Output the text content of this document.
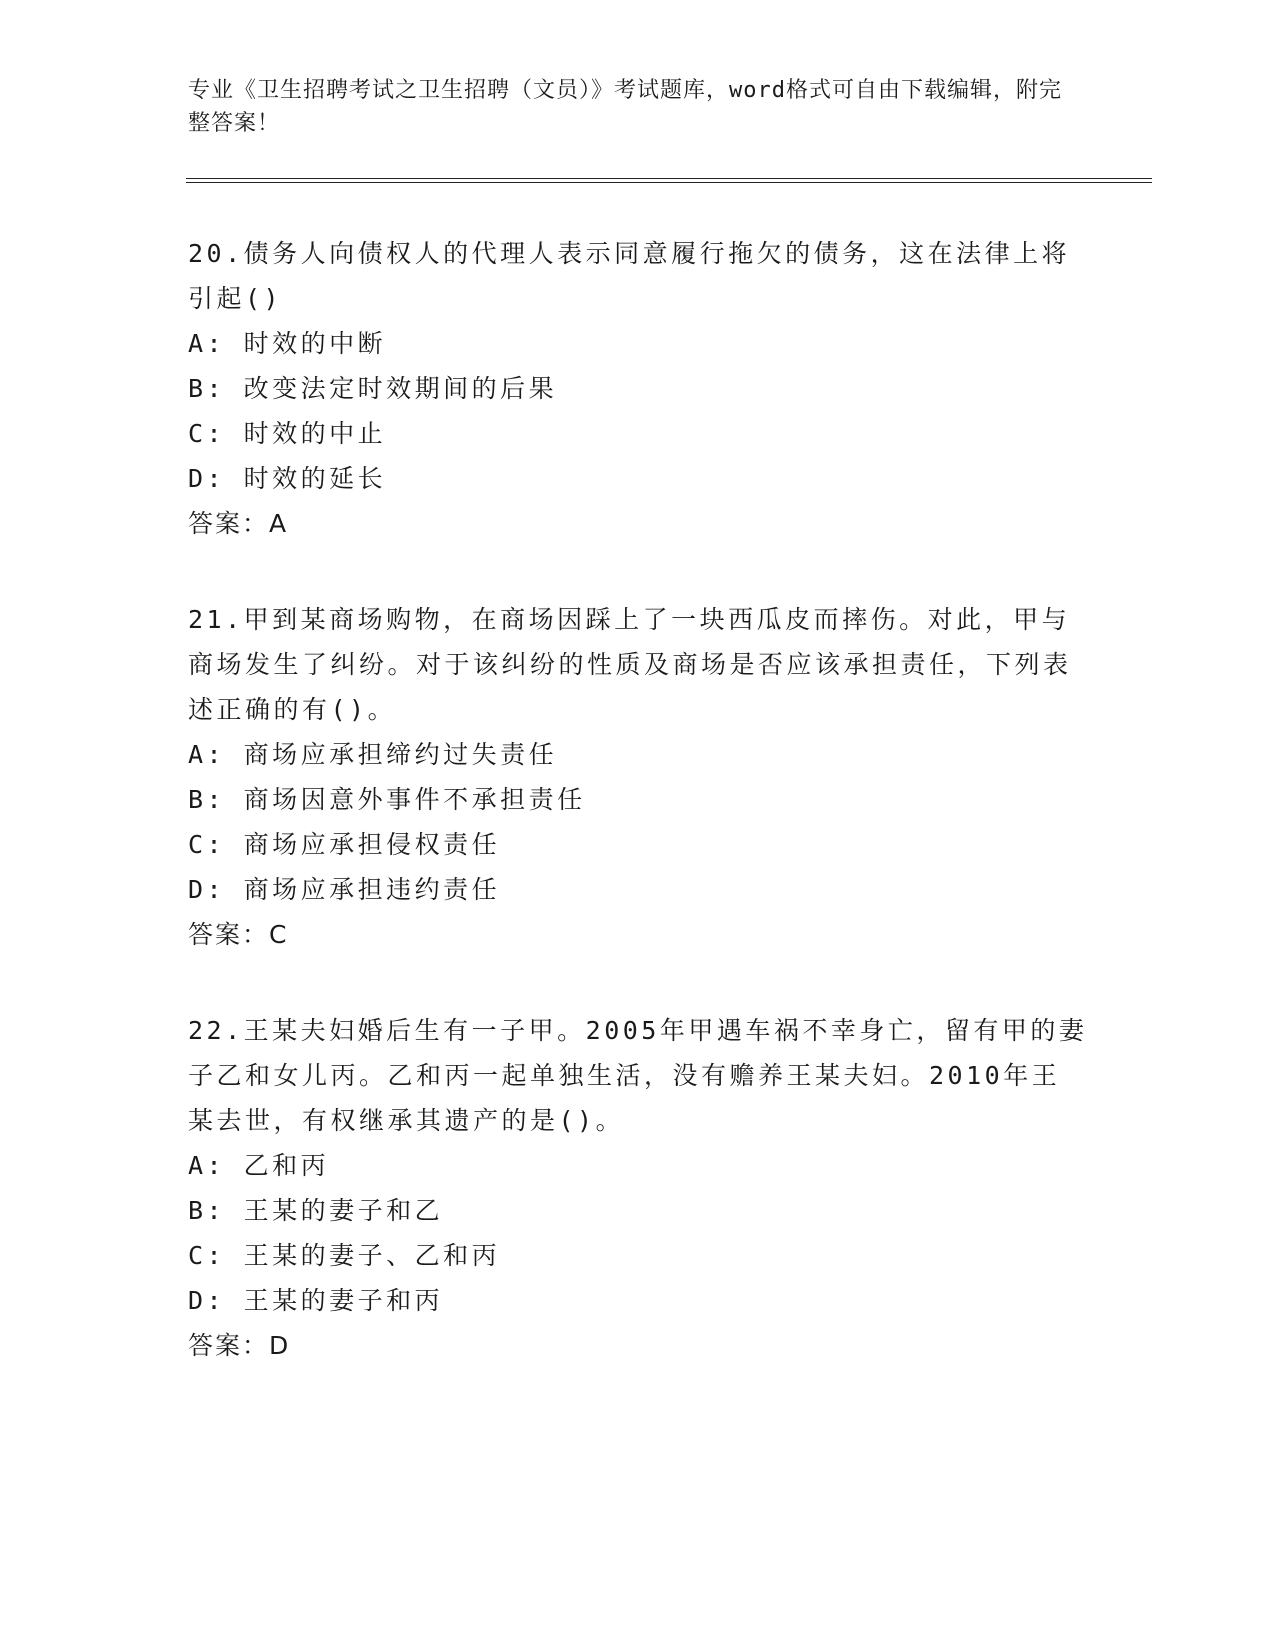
专业《卫生招聘考试之卫生招聘（文员）》考试题库，word格式可自由下载编辑，附完整答案！

20.债务人向债权人的代理人表示同意履行拖欠的债务，这在法律上将引起()

A: 时效的中断

B: 改变法定时效期间的后果

C: 时效的中止

D: 时效的延长

答案：A

21.甲到某商场购物，在商场因踩上了一块西瓜皮而摔伤。对此，甲与商场发生了纠纷。对于该纠纷的性质及商场是否应该承担责任，下列表述正确的有()。

A: 商场应承担缔约过失责任

B: 商场因意外事件不承担责任

C: 商场应承担侵权责任

D: 商场应承担违约责任

答案：C

22.王某夫妇婚后生有一子甲。2005年甲遇车祸不幸身亡，留有甲的妻子乙和女儿丙。乙和丙一起单独生活，没有赡养王某夫妇。2010年王某去世，有权继承其遗产的是()。

A: 乙和丙

B: 王某的妻子和乙

C: 王某的妻子、乙和丙

D: 王某的妻子和丙

答案：D
